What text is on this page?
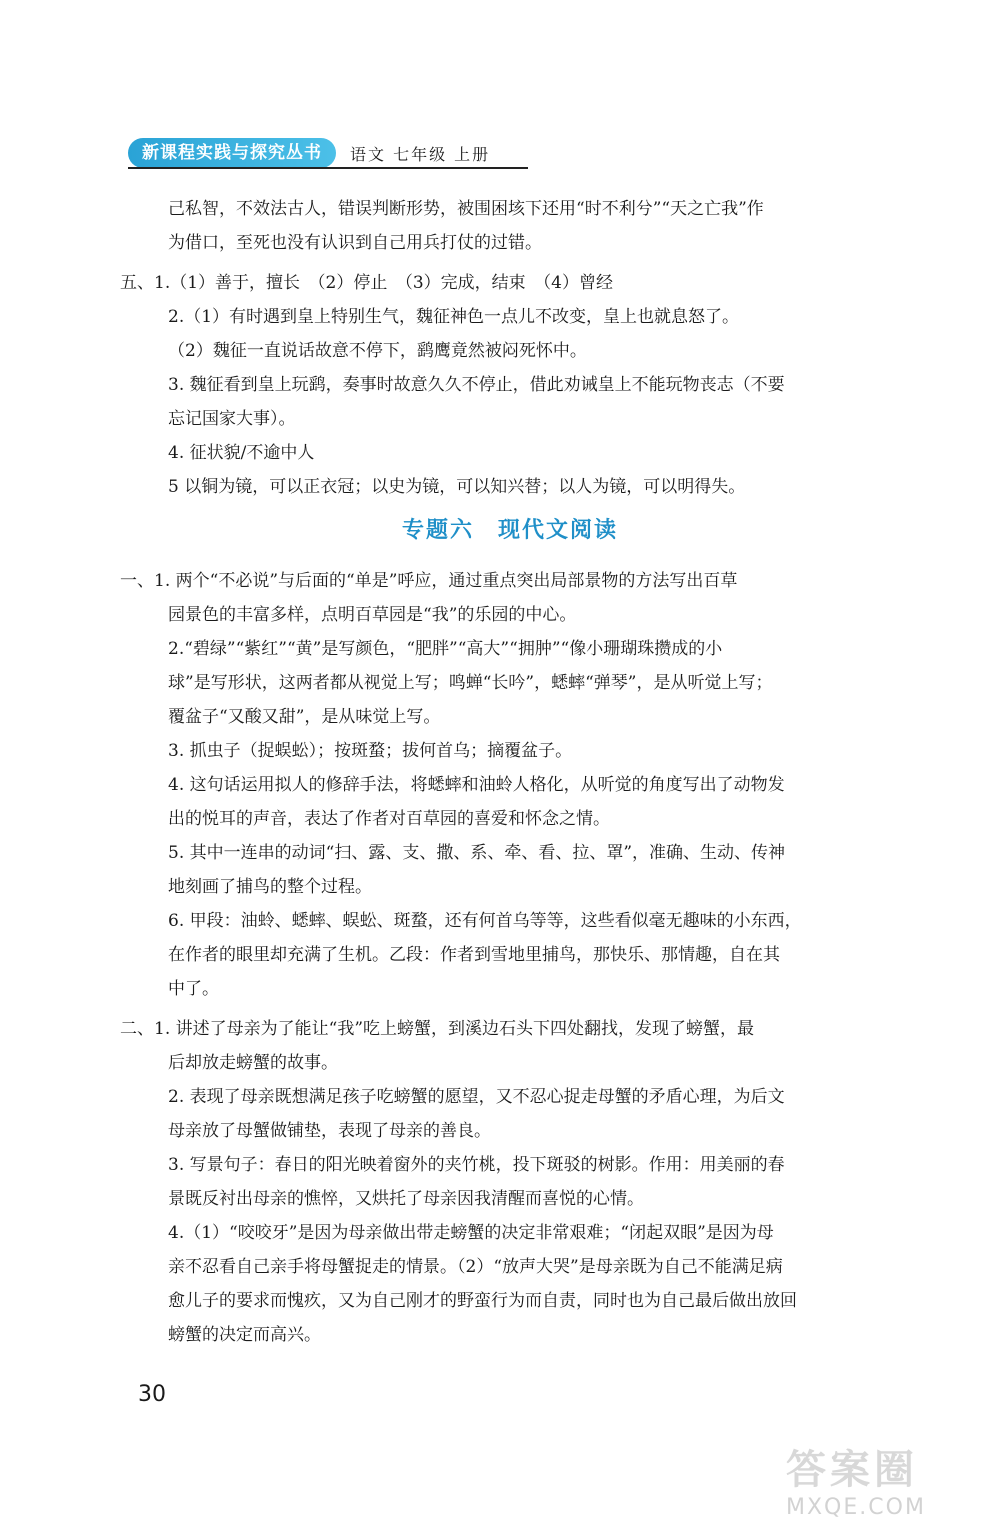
新课程实践与探究丛书	语文 七年级 上册
己私智，不效法古人，错误判断形势，被围困垓下还用“时不利兮”“天之亡我”作
为借口，至死也没有认识到自己用兵打仗的过错。
五、1.（1）善于，擅长　（2）停止　（3）完成，结束　（4）曾经
2.（1）有时遇到皇上特别生气，魏征神色一点儿不改变，皇上也就息怒了。
（2）魏征一直说话故意不停下，鹞鹰竟然被闷死怀中。
3. 魏征看到皇上玩鹞，奏事时故意久久不停止，借此劝诫皇上不能玩物丧志（不要
忘记国家大事）。
4. 征状貌/不逾中人
5 以铜为镜，可以正衣冠；以史为镜，可以知兴替；以人为镜，可以明得失。
专题六　现代文阅读
一、1. 两个“不必说”与后面的“单是”呼应，通过重点突出局部景物的方法写出百草
园景色的丰富多样，点明百草园是“我”的乐园的中心。
2.“碧绿”“紫红”“黄”是写颜色，“肥胖”“高大”“拥肿”“像小珊瑚珠攒成的小
球”是写形状，这两者都从视觉上写；鸣蝉“长吟”，蟋蟀“弹琴”，是从听觉上写；
覆盆子“又酸又甜”，是从味觉上写。
3. 抓虫子（捉蜈蚣）；按斑蝥；拔何首乌；摘覆盆子。
4. 这句话运用拟人的修辞手法，将蟋蟀和油蛉人格化，从听觉的角度写出了动物发
出的悦耳的声音，表达了作者对百草园的喜爱和怀念之情。
5. 其中一连串的动词“扫、露、支、撒、系、牵、看、拉、罩”，准确、生动、传神
地刻画了捕鸟的整个过程。
6. 甲段：油蛉、蟋蟀、蜈蚣、斑蝥，还有何首乌等等，这些看似毫无趣味的小东西，
在作者的眼里却充满了生机。乙段：作者到雪地里捕鸟，那快乐、那情趣，自在其
中了。
二、1. 讲述了母亲为了能让“我”吃上螃蟹，到溪边石头下四处翻找，发现了螃蟹，最
后却放走螃蟹的故事。
2. 表现了母亲既想满足孩子吃螃蟹的愿望，又不忍心捉走母蟹的矛盾心理，为后文
母亲放了母蟹做铺垫，表现了母亲的善良。
3. 写景句子：春日的阳光映着窗外的夹竹桃，投下斑驳的树影。作用：用美丽的春
景既反衬出母亲的憔悴，又烘托了母亲因我清醒而喜悦的心情。
4.（1）“咬咬牙”是因为母亲做出带走螃蟹的决定非常艰难；“闭起双眼”是因为母
亲不忍看自己亲手将母蟹捉走的情景。（2）“放声大哭”是母亲既为自己不能满足病
愈儿子的要求而愧疚，又为自己刚才的野蛮行为而自责，同时也为自己最后做出放回
螃蟹的决定而高兴。
30
答案圈
MXQE.COM
